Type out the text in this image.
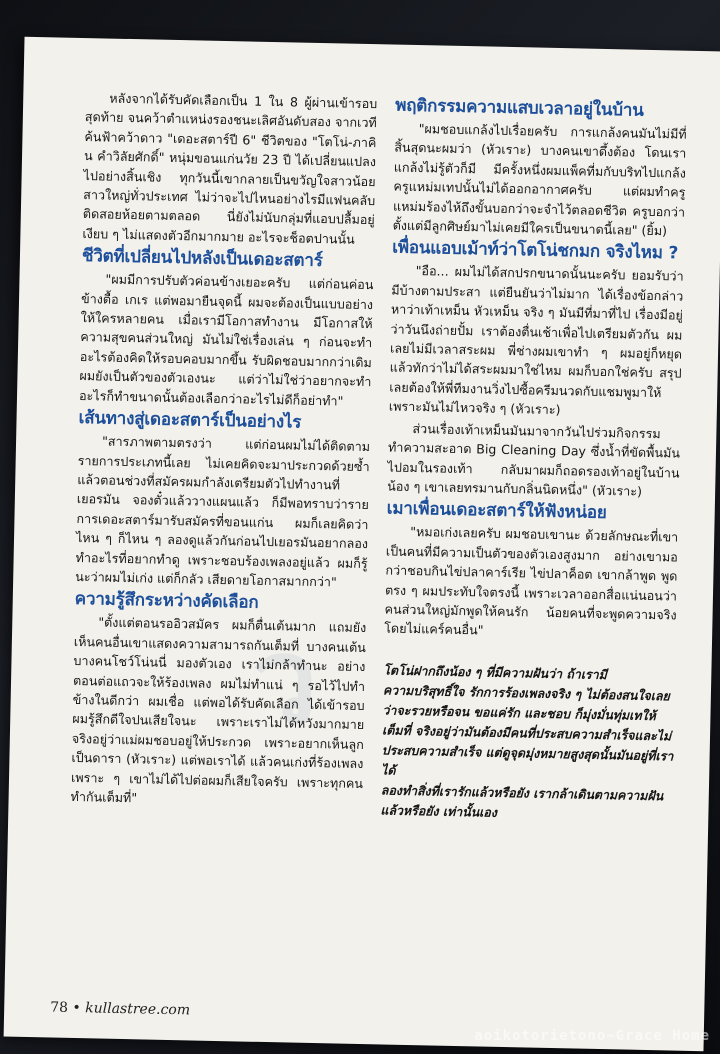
ว

หลังจากได้รับคัดเลือกเป็น 1 ใน 8 ผู้ผ่านเข้ารอบสุดท้าย จนคว้าตำแหน่งรองชนะเลิศอันดับสอง จากเวทีค้นฟ้าคว้าดาว "เดอะสตาร์ปี 6" ชีวิตของ "โตโน่-ภาคิน คำวิลัยศักดิ์" หนุ่มขอนแก่นวัย 23 ปี ได้เปลี่ยนแปลงไปอย่างสิ้นเชิง ทุกวันนี้เขากลายเป็นขวัญใจสาวน้อยสาวใหญ่ทั่วประเทศ ไม่ว่าจะไปไหนอย่างไรมีแฟนคลับติดสอยห้อยตามตลอด นี่ยังไม่นับกลุ่มที่แอบปลื้มอยู่เงียบ ๆ ไม่แสดงตัวอีกมากมาย อะไรจะช็อตปานนั้น

ชีวิตที่เปลี่ยนไปหลังเป็นเดอะสตาร์

"ผมมีการปรับตัวค่อนข้างเยอะครับ แต่ก่อนค่อนข้างตื้อ เกเร แต่พอมายืนจุดนี้ ผมจะต้องเป็นแบบอย่างให้ใครหลายคน เมื่อเรามีโอกาสทำงาน มีโอกาสให้ความสุขคนส่วนใหญ่ มันไม่ใช่เรื่องเล่น ๆ ก่อนจะทำอะไรต้องคิดให้รอบคอบมากขึ้น รับผิดชอบมากกว่าเดิม ผมยังเป็นตัวของตัวเองนะ แต่ว่าไม่ใช่ว่าอยากจะทำอะไรก็ทำขนาดนั้นต้องเลือกว่าอะไรไม่ดีก็อย่าทำ"

เส้นทางสู่เดอะสตาร์เป็นอย่างไร

"สารภาพตามตรงว่า แต่ก่อนผมไม่ได้ติดตามรายการประเภทนี้เลย ไม่เคยคิดจะมาประกวดด้วยซ้ำ แล้วตอนช่วงที่สมัครผมกำลังเตรียมตัวไปทำงานที่เยอรมัน จองตั๋วแล้ววางแผนแล้ว ก็มีพอทราบว่ารายการเดอะสตาร์มารับสมัครที่ขอนแก่น ผมก็เลยคิดว่าไหน ๆ ก็ไหน ๆ ลองดูแล้วกันก่อนไปเยอรมันอยากลองทำอะไรที่อยากทำดู เพราะชอบร้องเพลงอยู่แล้ว ผมก็รู้นะว่าผมไม่เก่ง แต่ก็กลัว เสียดายโอกาสมากกว่า"

ความรู้สึกระหว่างคัดเลือก

"ตั้งแต่ตอนรออิวสมัคร ผมก็ตื่นเต้นมาก แถมยังเห็นคนอื่นเขาแสดงความสามารถกันเต็มที่ บางคนเต้นบางคนโชว์โน่นนี่ มองตัวเอง เราไม่กล้าทำนะ อย่างตอนต่อแถวจะให้ร้องเพลง ผมไม่ทำแน่ ๆ รอไว้ไปทำข้างในดีกว่า ผมเชื่อ แต่พอได้รับคัดเลือก ได้เข้ารอบ ผมรู้สึกดีใจปนเสียใจนะ เพราะเราไม่ได้หวังมากมาย จริงอยู่ว่าแม่ผมชอบอยู่ให้ประกวด เพราะอยากเห็นลูกเป็นดารา (หัวเราะ) แต่พอเราได้ แล้วคนเก่งที่ร้องเพลงเพราะ ๆ เขาไม่ได้ไปต่อผมก็เสียใจครับ เพราะทุกคนทำกันเต็มที่"

พฤติกรรมความแสบเวลาอยู่ในบ้าน

"ผมชอบแกล้งไปเรื่อยครับ การแกล้งคนมันไม่มีที่สิ้นสุดนะผมว่า (หัวเราะ) บางคนเขาดึ้งต้อง โดนเราแกล้งไม่รู้ตัวก็มี มีครั้งหนึ่งผมแพ็คที่มกับบริทไปแกล้งครูแหม่มเทปนั้นไม่ได้ออกอากาศครับ แต่ผมทำครูแหม่มร้องไห้ถึงขั้นบอกว่าจะจำไว้ตลอดชีวิต ครูบอกว่าตั้งแต่มีลูกศิษย์มาไม่เคยมีใครเป็นขนาดนี้เลย" (ยิ้ม)

เพื่อนแอบเม้าท์ว่าโตโน่ชกมก จริงไหม ?

"อือ... ผมไม่ได้สกปรกขนาดนั้นนะครับ ยอมรับว่ามีบ้างตามประสา แต่ยืนยันว่าไม่มาก ได้เรื่องข้อกล่าวหาว่าเท้าเหม็น หัวเหม็น จริง ๆ มันมีที่มาที่ไป เรื่องมีอยู่ว่าวันนึงถ่ายปั้ม เราต้องตื่นเช้าเพื่อไปเตรียมตัวกัน ผมเลยไม่มีเวลาสระผม พี่ช่างผมเขาทำ ๆ ผมอยู่ก็หยุด แล้วทักว่าไม่ได้สระผมมาใช่ไหม ผมก็บอกใช่ครับ สรุป เลยต้องให้พี่ทีมงานวิ่งไปซื้อครีมนวดกับแชมพูมาให้ เพราะมันไม่ไหวจริง ๆ (หัวเราะ)

ส่วนเรื่องเท้าเหม็นมันมาจากวันไปร่วมกิจกรรมทำความสะอาด Big Cleaning Day ซึ่งน้ำที่ขัดพื้นมันไปอมในรองเท้า กลับมาผมก็ถอดรองเท้าอยู่ในบ้าน น้อง ๆ เขาเลยทรมานกับกลิ่นนิดหนึ่ง" (หัวเราะ)

เมาเพื่อนเดอะสตาร์ให้ฟังหน่อย

"หมอเก่งเลยครับ ผมชอบเขานะ ด้วยลักษณะที่เขาเป็นคนที่มีความเป็นตัวของตัวเองสูงมาก อย่างเขามอกว่าชอบกินไข่ปลาคาร์เรีย ไข่ปลาค็อต เขากล้าพูด พูดตรง ๆ ผมประทับใจตรงนี้ เพราะเวลาออกสื่อแน่นอนว่าคนส่วนใหญ่มักพูดให้คนรัก น้อยคนที่จะพูดความจริงโดยไม่แคร์คนอื่น"

โตโน่ฝากถึงน้อง ๆ ที่มีความฝันว่า ถ้าเรามี
ความบริสุทธิ์ใจ รักการร้องเพลงจริง ๆ ไม่ต้องสนใจเลย
ว่าจะรวยหรือจน ขอแค่รัก และชอบ ก็มุ่งมั่นทุ่มเทให้
เต็มที่ จริงอยู่ว่ามันต้องมีคนที่ประสบความสำเร็จและไม่
ประสบความสำเร็จ แต่ดูจุดมุ่งหมายสูงสุดนั้นมันอยู่ที่เราได้
ลองทำสิ่งที่เรารักแล้วหรือยัง เรากล้าเดินตามความฝัน
แล้วหรือยัง เท่านั้นเอง
78 • kullastree.com
aoikotorietono~Grace Home
